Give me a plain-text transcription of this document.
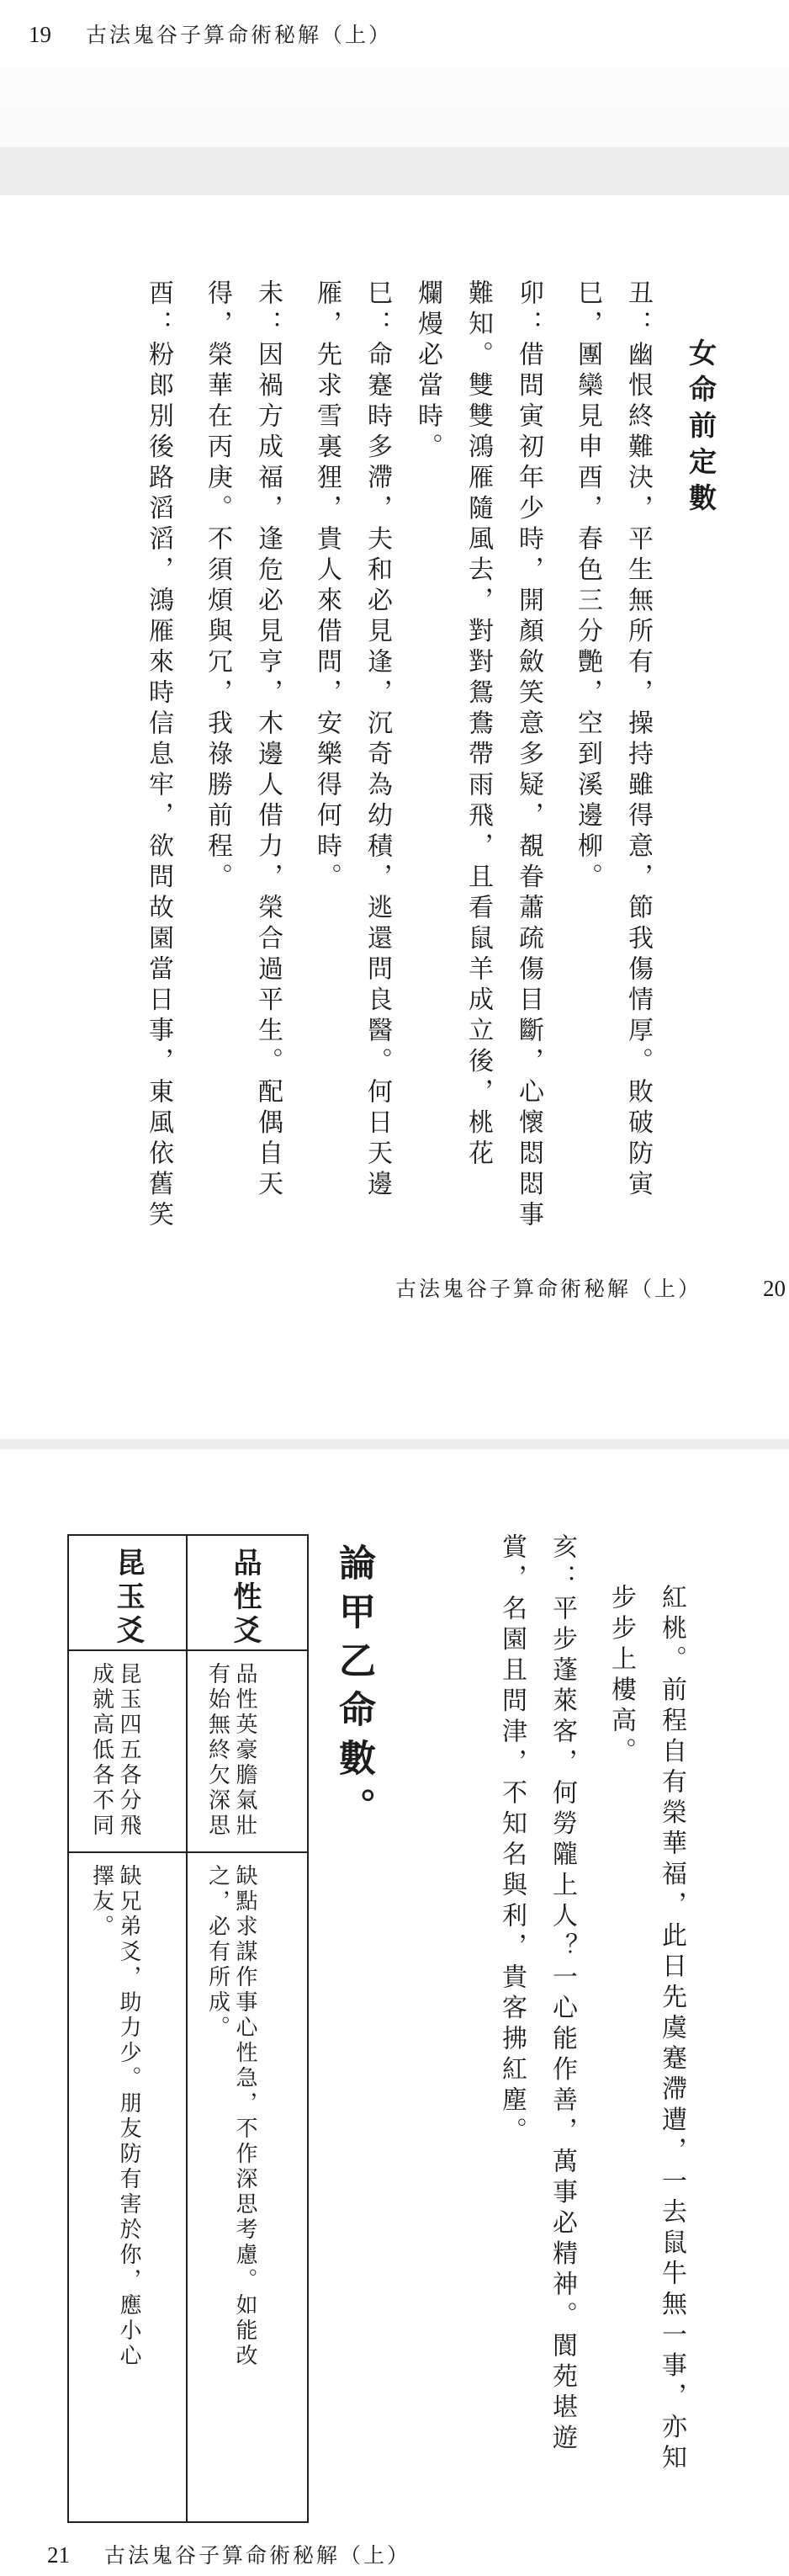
19 古法鬼谷子算命術秘解（上）
女命前定數
丑：幽恨終難決，平生無所有，操持雖得意，節我傷情厚。敗破防寅
巳，團欒見申酉，春色三分艷，空到溪邊柳。
卯：借問寅初年少時，開顏斂笑意多疑，覩眷蕭疏傷目斷，心懷悶悶事
難知。雙雙鴻雁隨風去，對對鴛鴦帶雨飛，且看鼠羊成立後，桃花
爛熳必當時。
巳：命蹇時多滯，夫和必見逢，沉奇為幼積，逃還問良醫。何日天邊
雁，先求雪裏狸，貴人來借問，安樂得何時。
未：因禍方成福，逢危必見亨，木邊人借力，榮合過平生。配偶自天
得，榮華在丙庚。不須煩與冗，我祿勝前程。
酉：粉郎別後路滔滔，鴻雁來時信息牢，欲問故園當日事，東風依舊笑
古法鬼谷子算命術秘解（上）	20
紅桃。前程自有榮華福，此日先虞蹇滯遭，一去鼠牛無一事，亦知
步步上樓高。
亥：平步蓬萊客，何勞隴上人？一心能作善，萬事必精神。閬苑堪遊
賞，名園且問津，不知名與利，貴客拂紅塵。
論甲乙命數。
品性爻
品性英豪膽氣壯
有始無終欠深思
缺點求謀作事心性急，不作深思考慮。如能改
之，必有所成。
昆玉爻
昆玉四五各分飛
成就高低各不同
缺兄弟爻，助力少。朋友防有害於你，應小心
擇友。
21 古法鬼谷子算命術秘解（上）
